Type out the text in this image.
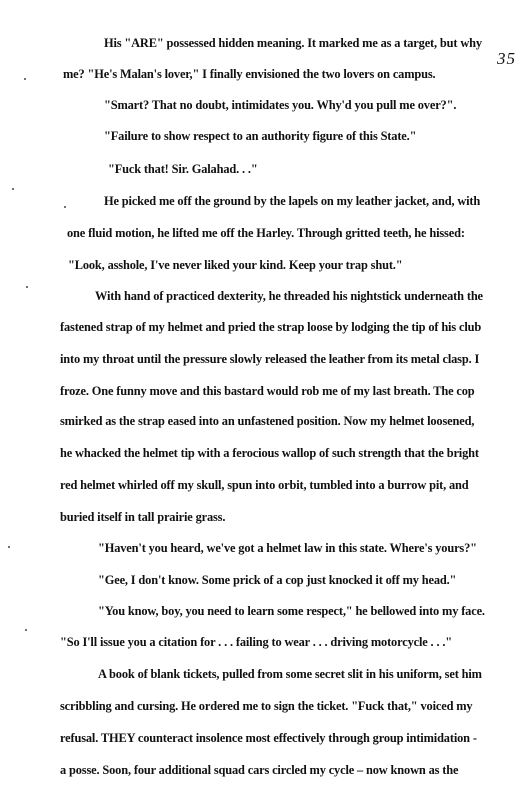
35

His "ARE" possessed hidden meaning. It marked me as a target, but why

me? "He's Malan's lover," I finally envisioned the two lovers on campus.

"Smart? That no doubt, intimidates you. Why'd you pull me over?".

"Failure to show respect to an authority figure of this State."

"Fuck that! Sir. Galahad. . ."

He picked me off the ground by the lapels on my leather jacket, and, with

one fluid motion, he lifted me off the Harley. Through gritted teeth, he hissed:

"Look, asshole, I've never liked your kind. Keep your trap shut."

With hand of practiced dexterity, he threaded his nightstick underneath the

fastened strap of my helmet and pried the strap loose by lodging the tip of his club

into my throat until the pressure slowly released the leather from its metal clasp. I

froze. One funny move and this bastard would rob me of my last breath. The cop

smirked as the strap eased into an unfastened position. Now my helmet loosened,

he whacked the helmet tip with a ferocious wallop of such strength that the bright

red helmet whirled off my skull, spun into orbit, tumbled into a burrow pit, and

buried itself in tall prairie grass.

"Haven't you heard, we've got a helmet law in this state. Where's yours?"

"Gee, I don't know. Some prick of a cop just knocked it off my head."

"You know, boy, you need to learn some respect," he bellowed into my face.

"So I'll issue you a citation for . . . failing to wear . . . driving motorcycle . . ."

A book of blank tickets, pulled from some secret slit in his uniform, set him

scribbling and cursing. He ordered me to sign the ticket. "Fuck that," voiced my

refusal. THEY counteract insolence most effectively through group intimidation -

a posse. Soon, four additional squad cars circled my cycle – now known as the
